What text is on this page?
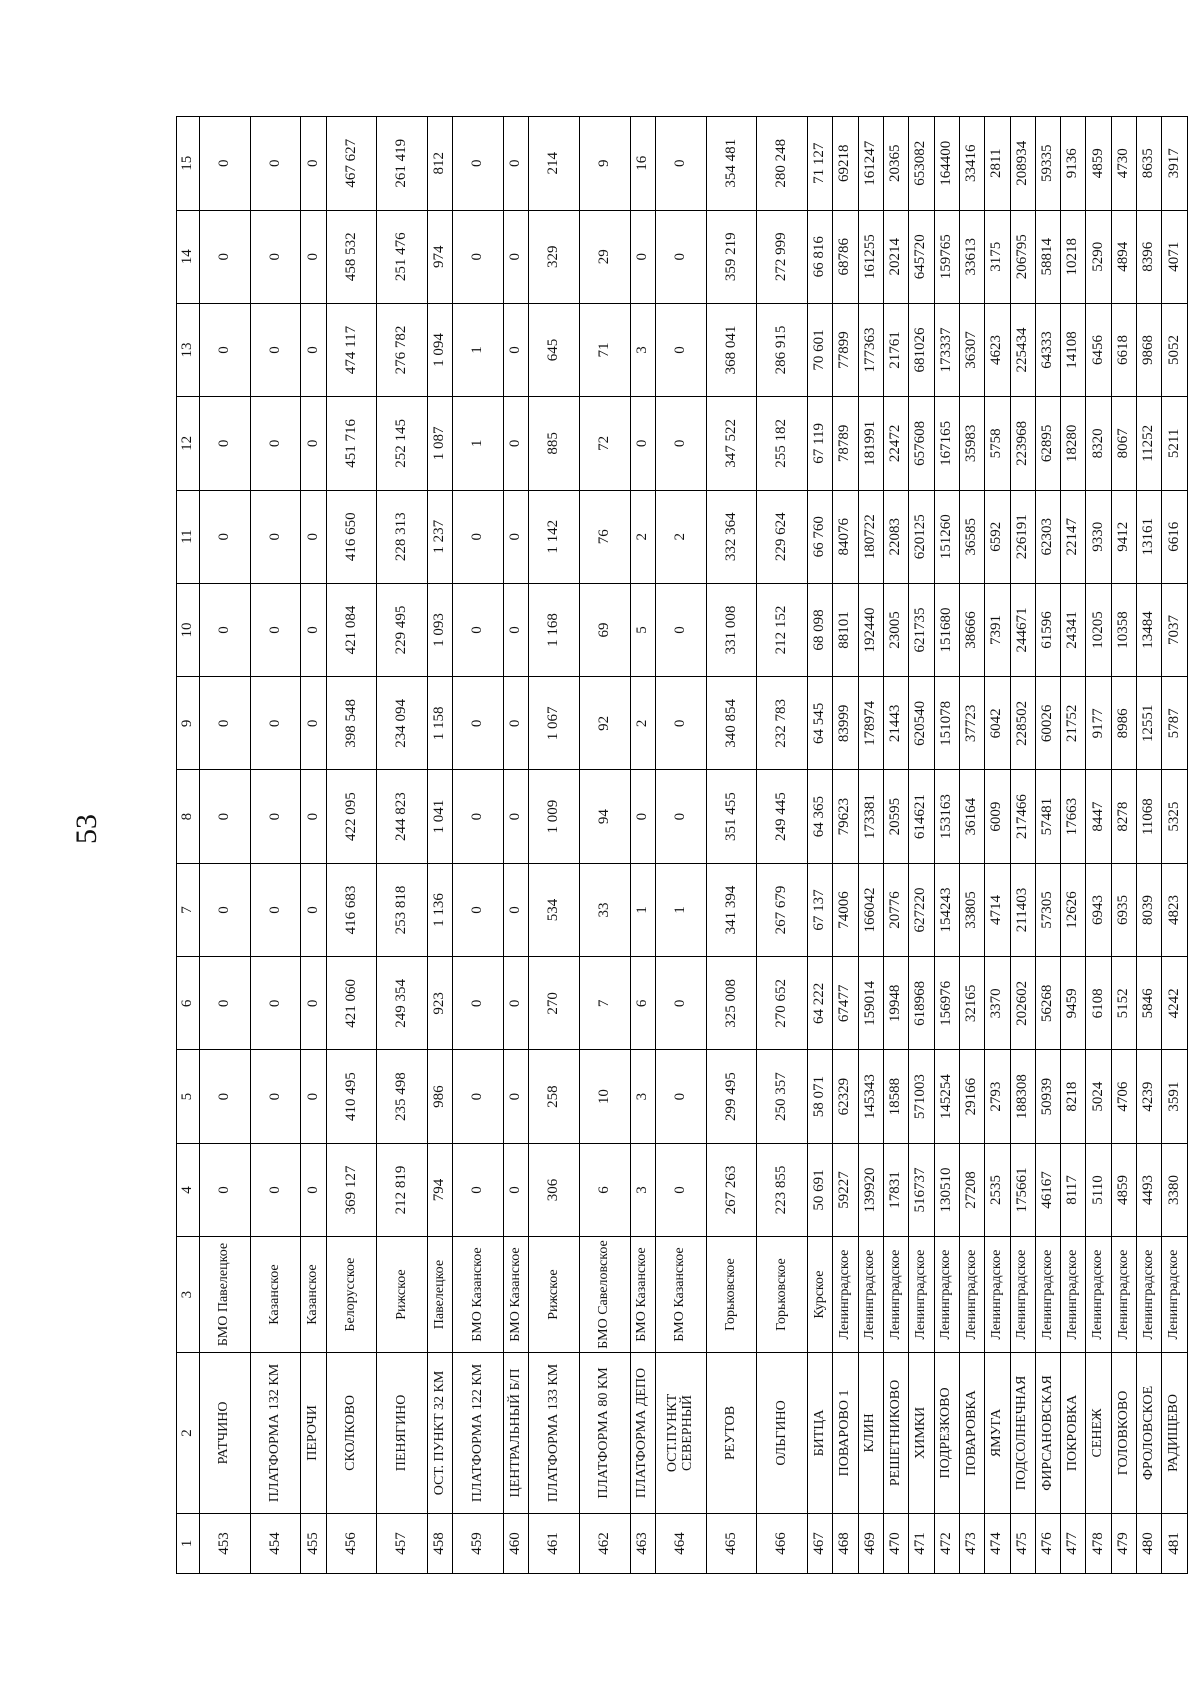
53
1	2	3	4	5	6	7	8	9	10	11	12	13	14	15
453	РАТЧИНО	БМО Павелецкое	0	0	0	0	0	0	0	0	0	0	0	0
454	ПЛАТФОРМА 132 КМ	Казанское	0	0	0	0	0	0	0	0	0	0	0	0
455	ПЕРОЧИ	Казанское	0	0	0	0	0	0	0	0	0	0	0	0
456	СКОЛКОВО	Белорусское	369 127	410 495	421 060	416 683	422 095	398 548	421 084	416 650	451 716	474 117	458 532	467 627
457	ПЕНЯГИНО	Рижское	212 819	235 498	249 354	253 818	244 823	234 094	229 495	228 313	252 145	276 782	251 476	261 419
458	ОСТ. ПУНКТ 32 КМ	Павелецкое	794	986	923	1 136	1 041	1 158	1 093	1 237	1 087	1 094	974	812
459	ПЛАТФОРМА 122 КМ	БМО Казанское	0	0	0	0	0	0	0	0	1	1	0	0
460	ЦЕНТРАЛЬНЫЙ Б/П	БМО Казанское	0	0	0	0	0	0	0	0	0	0	0	0
461	ПЛАТФОРМА 133 КМ	Рижское	306	258	270	534	1 009	1 067	1 168	1 142	885	645	329	214
462	ПЛАТФОРМА 80 КМ	БМО Савеловское	6	10	7	33	94	92	69	76	72	71	29	9
463	ПЛАТФОРМА ДЕПО	БМО Казанское	3	3	6	1	0	2	5	2	0	3	0	16
464	ОСТ.ПУНКТ СЕВЕРНЫЙ	БМО Казанское	0	0	0	1	0	0	0	2	0	0	0	0
465	РЕУТОВ	Горьковское	267 263	299 495	325 008	341 394	351 455	340 854	331 008	332 364	347 522	368 041	359 219	354 481
466	ОЛЬГИНО	Горьковское	223 855	250 357	270 652	267 679	249 445	232 783	212 152	229 624	255 182	286 915	272 999	280 248
467	БИТЦА	Курское	50 691	58 071	64 222	67 137	64 365	64 545	68 098	66 760	67 119	70 601	66 816	71 127
468	ПОВАРОВО 1	Ленинградское	59227	62329	67477	74006	79623	83999	88101	84076	78789	77899	68786	69218
469	КЛИН	Ленинградское	139920	145343	159014	166042	173381	178974	192440	180722	181991	177363	161255	161247
470	РЕШЕТНИКОВО	Ленинградское	17831	18588	19948	20776	20595	21443	23005	22083	22472	21761	20214	20365
471	ХИМКИ	Ленинградское	516737	571003	618968	627220	614621	620540	621735	620125	657608	681026	645720	653082
472	ПОДРЕЗКОВО	Ленинградское	130510	145254	156976	154243	153163	151078	151680	151260	167165	173337	159765	164400
473	ПОВАРОВКА	Ленинградское	27208	29166	32165	33805	36164	37723	38666	36585	35983	36307	33613	33416
474	ЯМУГА	Ленинградское	2535	2793	3370	4714	6009	6042	7391	6592	5758	4623	3175	2811
475	ПОДСОЛНЕЧНАЯ	Ленинградское	175661	188308	202602	211403	217466	228502	244671	226191	223968	225434	206795	208934
476	ФИРСАНОВСКАЯ	Ленинградское	46167	50939	56268	57305	57481	60026	61596	62303	62895	64333	58814	59335
477	ПОКРОВКА	Ленинградское	8117	8218	9459	12626	17663	21752	24341	22147	18280	14108	10218	9136
478	СЕНЕЖ	Ленинградское	5110	5024	6108	6943	8447	9177	10205	9330	8320	6456	5290	4859
479	ГОЛОВКОВО	Ленинградское	4859	4706	5152	6935	8278	8986	10358	9412	8067	6618	4894	4730
480	ФРОЛОВСКОЕ	Ленинградское	4493	4239	5846	8039	11068	12551	13484	13161	11252	9868	8396	8635
481	РАДИЩЕВО	Ленинградское	3380	3591	4242	4823	5325	5787	7037	6616	5211	5052	4071	3917
